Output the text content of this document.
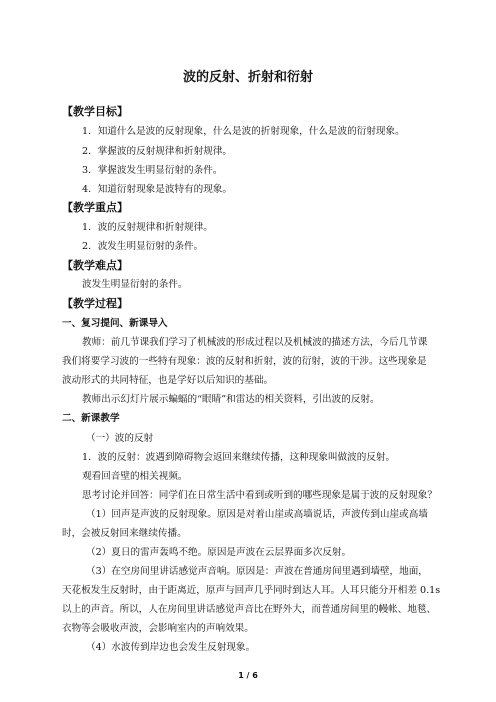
波的反射、折射和衍射
【教学目标】
1．知道什么是波的反射现象，什么是波的折射现象，什么是波的衍射现象。
2．掌握波的反射规律和折射规律。
3．掌握波发生明显衍射的条件。
4．知道衍射现象是波特有的现象。
【教学重点】
1．波的反射规律和折射规律。
2．波发生明显衍射的条件。
【教学难点】
波发生明显衍射的条件。
【教学过程】
一、复习提问、新课导入
教师：前几节课我们学习了机械波的形成过程以及机械波的描述方法，今后几节课
我们将要学习波的一些特有现象：波的反射和折射，波的衍射，波的干涉。这些现象是
波动形式的共同特征，也是学好以后知识的基础。
教师出示幻灯片展示蝙蝠的“眼睛”和雷达的相关资料，引出波的反射。
二、新课教学
（一）波的反射
1．波的反射：波遇到障碍物会返回来继续传播，这种现象叫做波的反射。
观看回音壁的相关视频。
思考讨论并回答：同学们在日常生活中看到或听到的哪些现象是属于波的反射现象？
（1）回声是声波的反射现象。原因是对着山崖或高墙说话，声波传到山崖或高墙
时，会被反射回来继续传播。
（2）夏日的雷声轰鸣不绝。原因是声波在云层界面多次反射。
（3）在空房间里讲话感觉声音响。原因是：声波在普通房间里遇到墙壁，地面，
天花板发生反射时，由于距离近，原声与回声几乎同时到达人耳。人耳只能分开相差 0.1s
以上的声音。所以，人在房间里讲话感觉声音比在野外大，而普通房间里的幔帐、地毯、
衣物等会吸收声波，会影响室内的声响效果。
（4）水波传到岸边也会发生反射现象。
1 / 6
